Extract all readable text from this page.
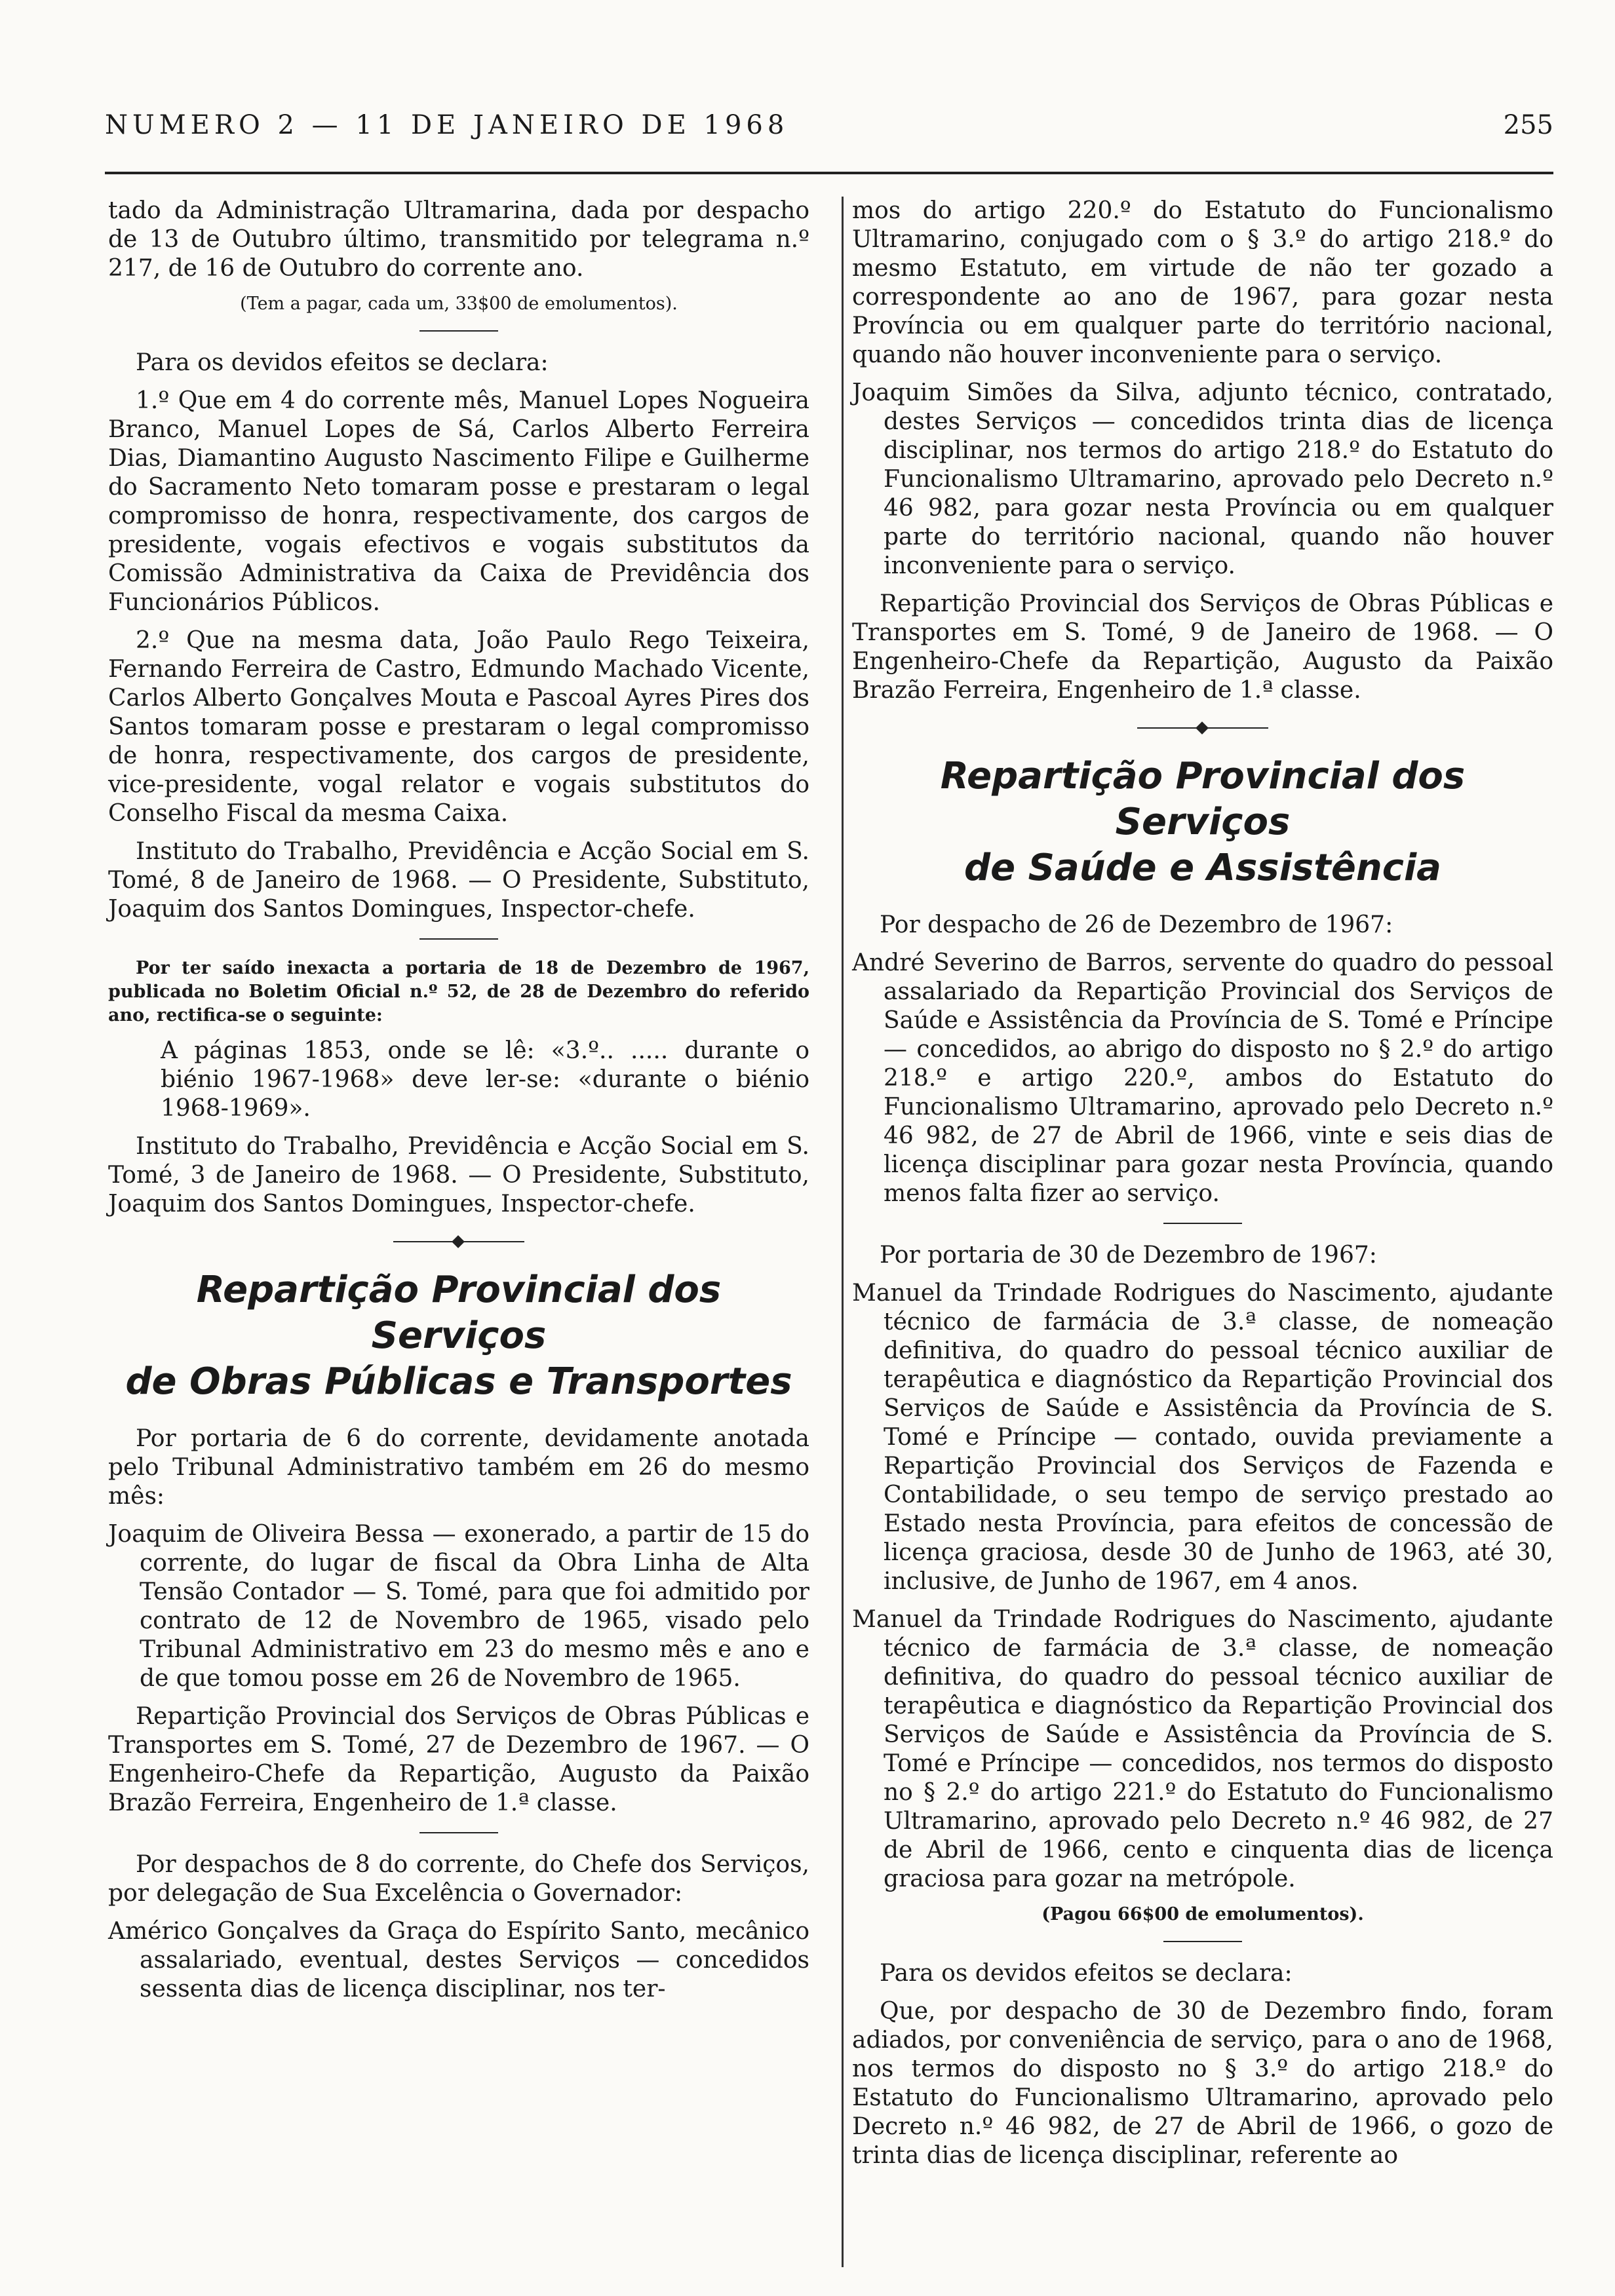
NUMERO 2 — 11 DE JANEIRO DE 1968	255

tado da Administração Ultramarina, dada por despacho de 13 de Outubro último, transmitido por telegrama n.º 217, de 16 de Outubro do corrente ano.

(Tem a pagar, cada um, 33$00 de emolumentos).

Para os devidos efeitos se declara:

1.º Que em 4 do corrente mês, Manuel Lopes Nogueira Branco, Manuel Lopes de Sá, Carlos Alberto Ferreira Dias, Diamantino Augusto Nascimento Filipe e Guilherme do Sacramento Neto tomaram posse e prestaram o legal compromisso de honra, respectivamente, dos cargos de presidente, vogais efectivos e vogais substitutos da Comissão Administrativa da Caixa de Previdência dos Funcionários Públicos.

2.º Que na mesma data, João Paulo Rego Teixeira, Fernando Ferreira de Castro, Edmundo Machado Vicente, Carlos Alberto Gonçalves Mouta e Pascoal Ayres Pires dos Santos tomaram posse e prestaram o legal compromisso de honra, respectivamente, dos cargos de presidente, vice-presidente, vogal relator e vogais substitutos do Conselho Fiscal da mesma Caixa.

Instituto do Trabalho, Previdência e Acção Social em S. Tomé, 8 de Janeiro de 1968. — O Presidente, Substituto, Joaquim dos Santos Domingues, Inspector-chefe.

Por ter saído inexacta a portaria de 18 de Dezembro de 1967, publicada no Boletim Oficial n.º 52, de 28 de Dezembro do referido ano, rectifica-se o seguinte:

A páginas 1853, onde se lê: «3.º.. ..... durante o biénio 1967-1968» deve ler-se: «durante o biénio 1968-1969».

Instituto do Trabalho, Previdência e Acção Social em S. Tomé, 3 de Janeiro de 1968. — O Presidente, Substituto, Joaquim dos Santos Domingues, Inspector-chefe.

Repartição Provincial dos Serviços
de Obras Públicas e Transportes

Por portaria de 6 do corrente, devidamente anotada pelo Tribunal Administrativo também em 26 do mesmo mês:

Joaquim de Oliveira Bessa — exonerado, a partir de 15 do corrente, do lugar de fiscal da Obra Linha de Alta Tensão Contador — S. Tomé, para que foi admitido por contrato de 12 de Novembro de 1965, visado pelo Tribunal Administrativo em 23 do mesmo mês e ano e de que tomou posse em 26 de Novembro de 1965.

Repartição Provincial dos Serviços de Obras Públicas e Transportes em S. Tomé, 27 de Dezembro de 1967. — O Engenheiro-Chefe da Repartição, Augusto da Paixão Brazão Ferreira, Engenheiro de 1.ª classe.

Por despachos de 8 do corrente, do Chefe dos Serviços, por delegação de Sua Excelência o Governador:

Américo Gonçalves da Graça do Espírito Santo, mecânico assalariado, eventual, destes Serviços — concedidos sessenta dias de licença disciplinar, nos ter-

mos do artigo 220.º do Estatuto do Funcionalismo Ultramarino, conjugado com o § 3.º do artigo 218.º do mesmo Estatuto, em virtude de não ter gozado a correspondente ao ano de 1967, para gozar nesta Província ou em qualquer parte do território nacional, quando não houver inconveniente para o serviço.

Joaquim Simões da Silva, adjunto técnico, contratado, destes Serviços — concedidos trinta dias de licença disciplinar, nos termos do artigo 218.º do Estatuto do Funcionalismo Ultramarino, aprovado pelo Decreto n.º 46 982, para gozar nesta Província ou em qualquer parte do território nacional, quando não houver inconveniente para o serviço.

Repartição Provincial dos Serviços de Obras Públicas e Transportes em S. Tomé, 9 de Janeiro de 1968. — O Engenheiro-Chefe da Repartição, Augusto da Paixão Brazão Ferreira, Engenheiro de 1.ª classe.

Repartição Provincial dos Serviços
de Saúde e Assistência

Por despacho de 26 de Dezembro de 1967:

André Severino de Barros, servente do quadro do pessoal assalariado da Repartição Provincial dos Serviços de Saúde e Assistência da Província de S. Tomé e Príncipe — concedidos, ao abrigo do disposto no § 2.º do artigo 218.º e artigo 220.º, ambos do Estatuto do Funcionalismo Ultramarino, aprovado pelo Decreto n.º 46 982, de 27 de Abril de 1966, vinte e seis dias de licença disciplinar para gozar nesta Província, quando menos falta fizer ao serviço.

Por portaria de 30 de Dezembro de 1967:

Manuel da Trindade Rodrigues do Nascimento, ajudante técnico de farmácia de 3.ª classe, de nomeação definitiva, do quadro do pessoal técnico auxiliar de terapêutica e diagnóstico da Repartição Provincial dos Serviços de Saúde e Assistência da Província de S. Tomé e Príncipe — contado, ouvida previamente a Repartição Provincial dos Serviços de Fazenda e Contabilidade, o seu tempo de serviço prestado ao Estado nesta Província, para efeitos de concessão de licença graciosa, desde 30 de Junho de 1963, até 30, inclusive, de Junho de 1967, em 4 anos.

Manuel da Trindade Rodrigues do Nascimento, ajudante técnico de farmácia de 3.ª classe, de nomeação definitiva, do quadro do pessoal técnico auxiliar de terapêutica e diagnóstico da Repartição Provincial dos Serviços de Saúde e Assistência da Província de S. Tomé e Príncipe — concedidos, nos termos do disposto no § 2.º do artigo 221.º do Estatuto do Funcionalismo Ultramarino, aprovado pelo Decreto n.º 46 982, de 27 de Abril de 1966, cento e cinquenta dias de licença graciosa para gozar na metrópole.

(Pagou 66$00 de emolumentos).

Para os devidos efeitos se declara:

Que, por despacho de 30 de Dezembro findo, foram adiados, por conveniência de serviço, para o ano de 1968, nos termos do disposto no § 3.º do artigo 218.º do Estatuto do Funcionalismo Ultramarino, aprovado pelo Decreto n.º 46 982, de 27 de Abril de 1966, o gozo de trinta dias de licença disciplinar, referente ao
